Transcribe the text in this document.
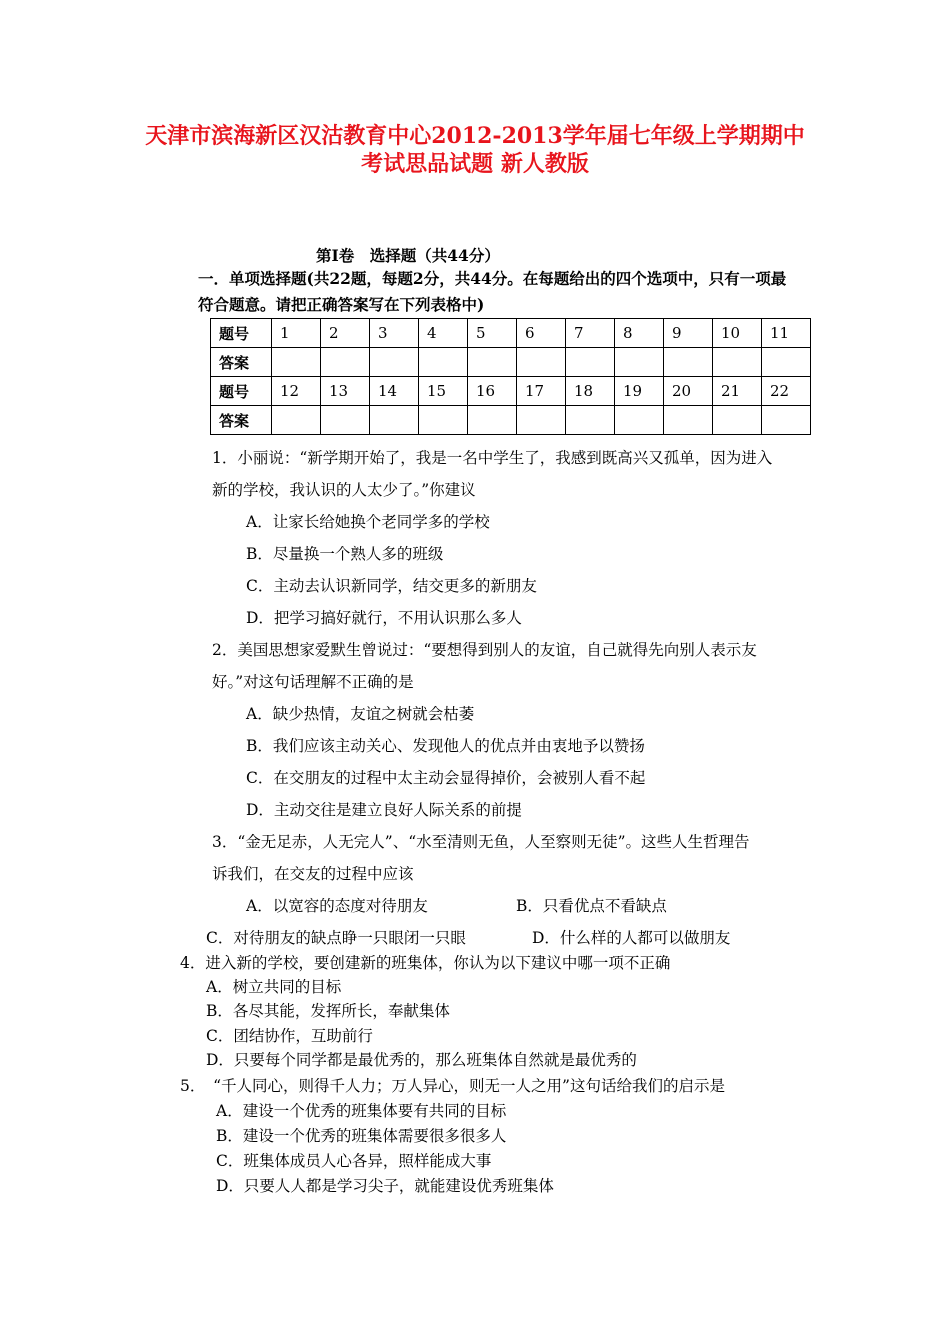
天津市滨海新区汉沽教育中心2012-2013学年届七年级上学期期中
考试思品试题 新人教版
第Ⅰ卷　选择题（共44分）
一．单项选择题(共22题，每题2分，共44分。在每题给出的四个选项中，只有一项最
符合题意。请把正确答案写在下列表格中)
题号	1	2	3	4	5	6	7	8	9	10	11
答案											
题号	12	13	14	15	16	17	18	19	20	21	22
答案											
1．小丽说：“新学期开始了，我是一名中学生了，我感到既高兴又孤单，因为进入
新的学校，我认识的人太少了。”你建议
A．让家长给她换个老同学多的学校
B．尽量换一个熟人多的班级
C．主动去认识新同学，结交更多的新朋友
D．把学习搞好就行，不用认识那么多人
2．美国思想家爱默生曾说过：“要想得到别人的友谊，自己就得先向别人表示友
好。”对这句话理解不正确的是
A．缺少热情，友谊之树就会枯萎
B．我们应该主动关心、发现他人的优点并由衷地予以赞扬
C．在交朋友的过程中太主动会显得掉价，会被别人看不起
D．主动交往是建立良好人际关系的前提
3．“金无足赤，人无完人”、“水至清则无鱼，人至察则无徒”。这些人生哲理告
诉我们，在交友的过程中应该
A．以宽容的态度对待朋友	B．只看优点不看缺点
C．对待朋友的缺点睁一只眼闭一只眼	D．什么样的人都可以做朋友
4．进入新的学校，要创建新的班集体，你认为以下建议中哪一项不正确
A．树立共同的目标
B．各尽其能，发挥所长，奉献集体
C．团结协作，互助前行
D．只要每个同学都是最优秀的，那么班集体自然就是最优秀的
5．　“千人同心，则得千人力；万人异心，则无一人之用”这句话给我们的启示是
A．建设一个优秀的班集体要有共同的目标
B．建设一个优秀的班集体需要很多很多人
C．班集体成员人心各异，照样能成大事
D．只要人人都是学习尖子，就能建设优秀班集体
